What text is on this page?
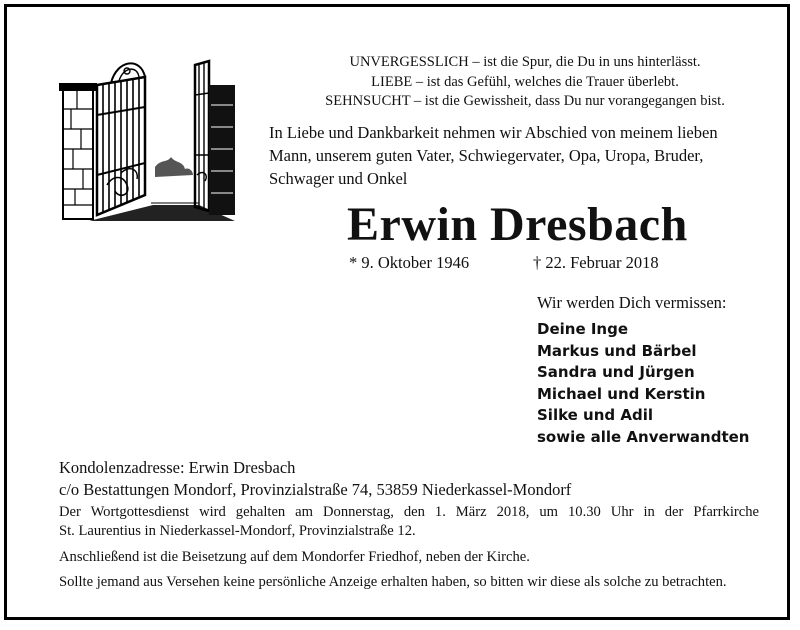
UNVERGESSLICH – ist die Spur, die Du in uns hinterlässt.
LIEBE – ist das Gefühl, welches die Trauer überlebt.
SEHNSUCHT – ist die Gewissheit, dass Du nur vorangegangen bist.
In Liebe und Dankbarkeit nehmen wir Abschied von meinem lieben
Mann, unserem guten Vater, Schwiegervater, Opa, Uropa, Bruder,
Schwager und Onkel
Erwin Dresbach
* 9. Oktober 1946	† 22. Februar 2018
Wir werden Dich vermissen:
Deine Inge
Markus und Bärbel
Sandra und Jürgen
Michael und Kerstin
Silke und Adil
sowie alle Anverwandten
Kondolenzadresse: Erwin Dresbach
c/o Bestattungen Mondorf, Provinzialstraße 74, 53859 Niederkassel-Mondorf
Der Wortgottesdienst wird gehalten am Donnerstag, den 1. März 2018, um 10.30 Uhr in der Pfarrkirche
St. Laurentius in Niederkassel-Mondorf, Provinzialstraße 12.
Anschließend ist die Beisetzung auf dem Mondorfer Friedhof, neben der Kirche.
Sollte jemand aus Versehen keine persönliche Anzeige erhalten haben, so bitten wir diese als solche zu betrachten.
